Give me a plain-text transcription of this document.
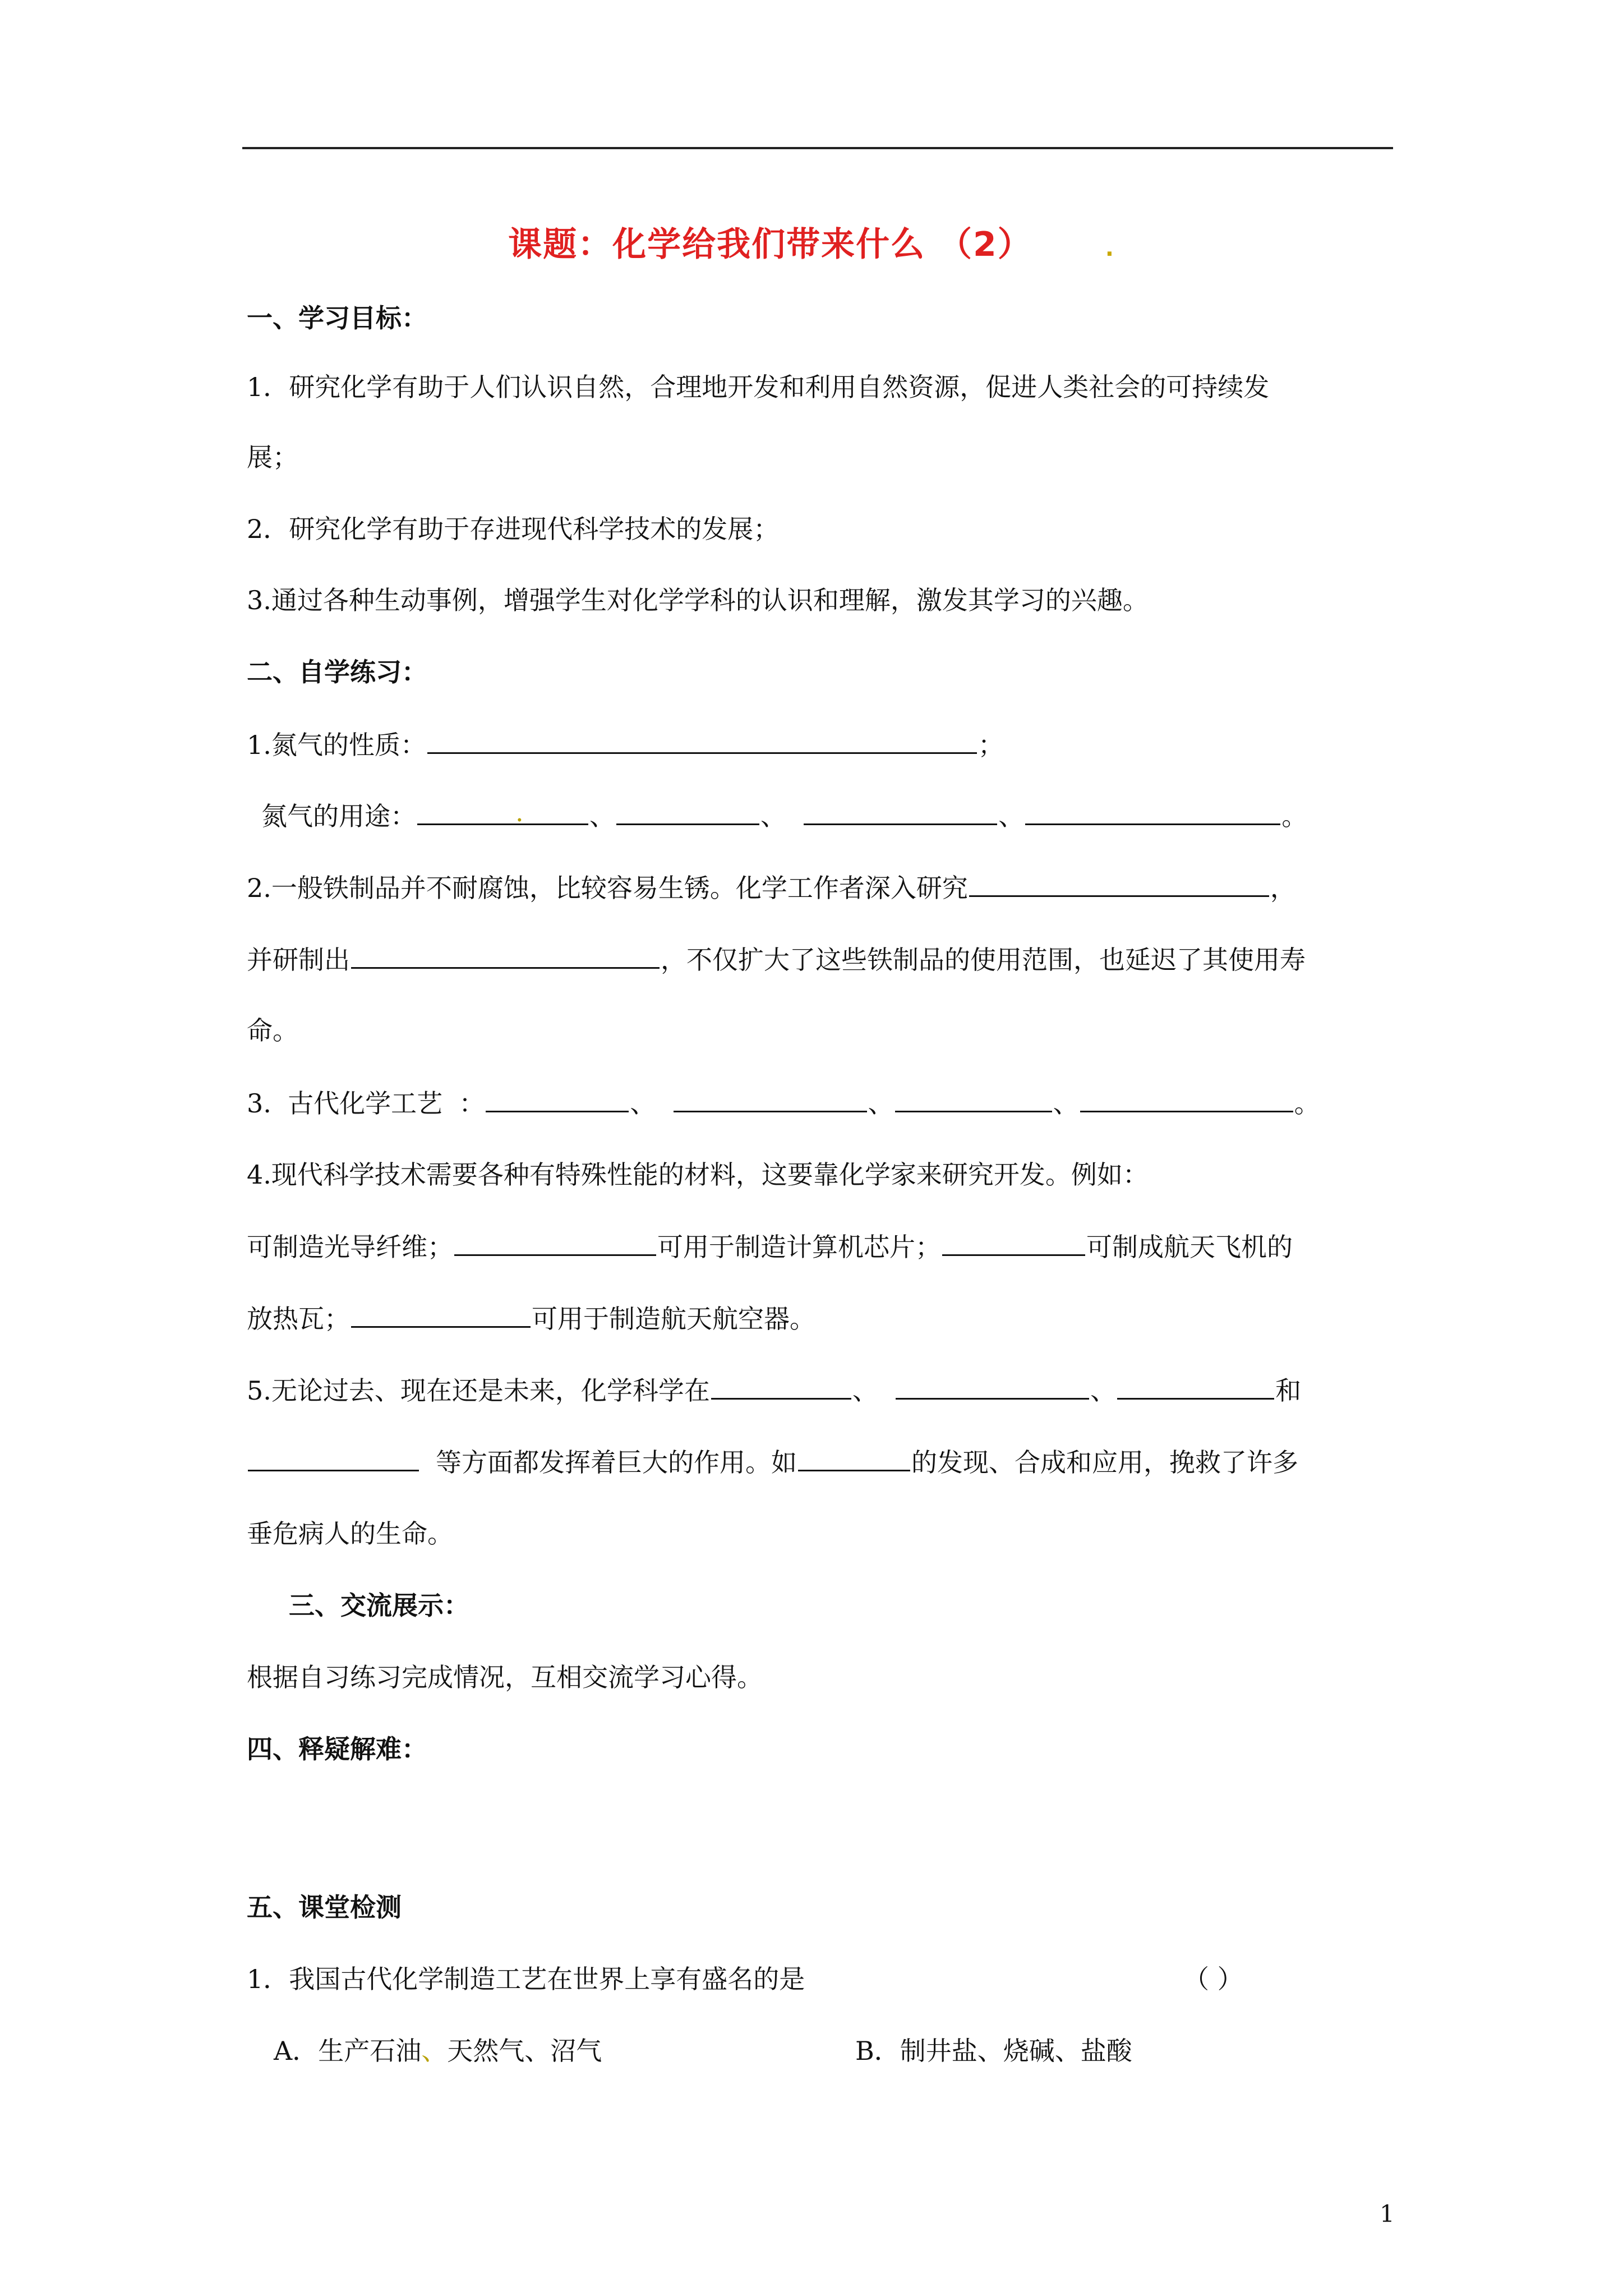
课题：化学给我们带来什么 （2）	.
一、学习目标：
1．研究化学有助于人们认识自然，合理地开发和利用自然资源，促进人类社会的可持续发
展；
2．研究化学有助于存进现代科学技术的发展；
3.通过各种生动事例，增强学生对化学学科的认识和理解，激发其学习的兴趣。
二、自学练习：
1.氮气的性质：	；
氮气的用途：	.	、	、	、	。
2.一般铁制品并不耐腐蚀，比较容易生锈。化学工作者深入研究	，
并研制出	，不仅扩大了这些铁制品的使用范围，也延迟了其使用寿
命。
3.  古代化学工艺  ：	、	、	、	。
4.现代科学技术需要各种有特殊性能的材料，这要靠化学家来研究开发。例如：
可制造光导纤维；	可用于制造计算机芯片；	可制成航天飞机的
放热瓦；	可用于制造航天航空器。
5.无论过去、现在还是未来，化学科学在	、	、	和
等方面都发挥着巨大的作用。如	的发现、合成和应用，挽救了许多
垂危病人的生命。
三、交流展示：
根据自习练习完成情况，互相交流学习心得。
四、释疑解难：
五、课堂检测
1．我国古代化学制造工艺在世界上享有盛名的是	（ ）
A．生产石油、天然气、沼气	B．制井盐、烧碱、盐酸
1
